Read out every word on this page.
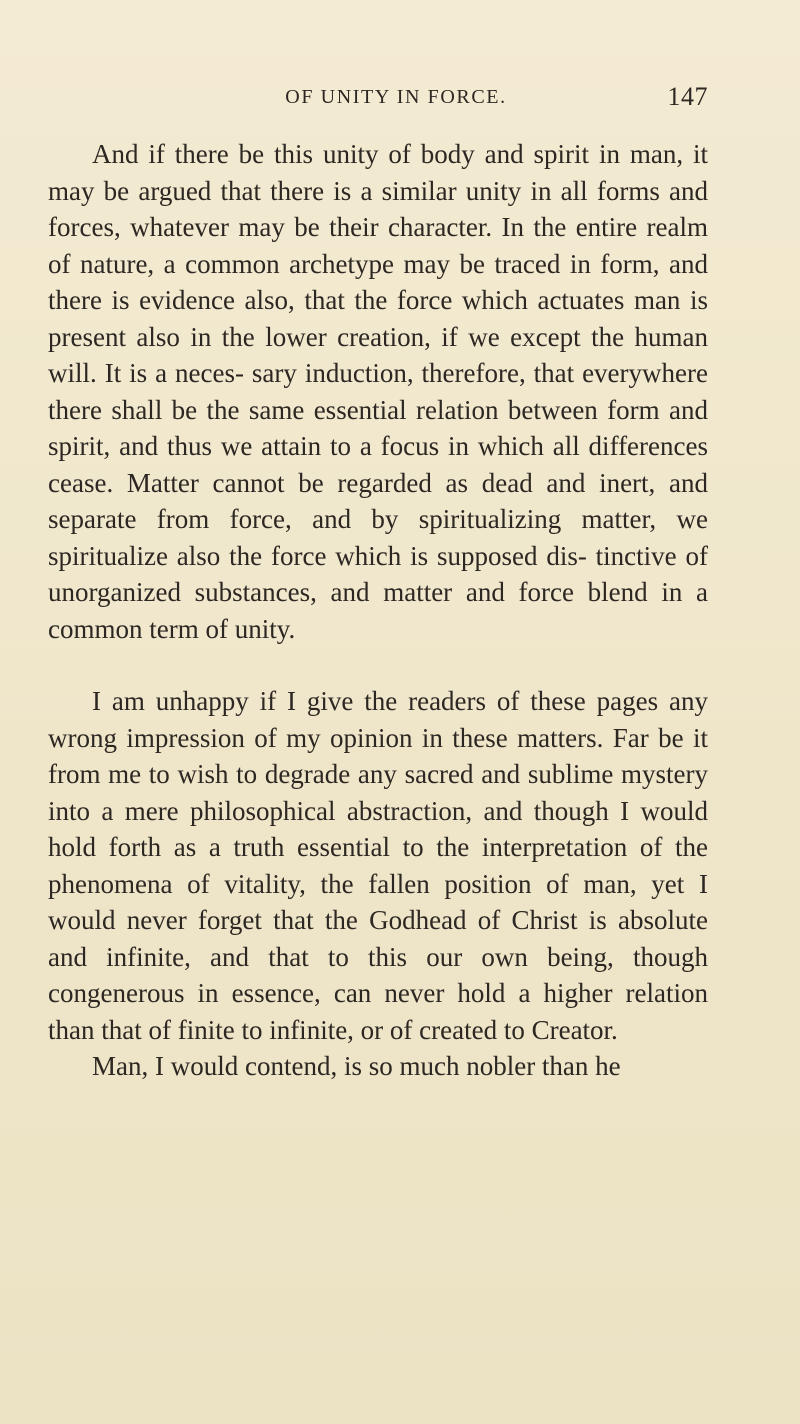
OF UNITY IN FORCE.	147

And if there be this unity of body and spirit in man, it may be argued that there is a similar unity in all forms and forces, whatever may be their character. In the entire realm of nature, a common archetype may be traced in form, and there is evidence also, that the force which actuates man is present also in the lower creation, if we except the human will. It is a neces- sary induction, therefore, that everywhere there shall be the same essential relation between form and spirit, and thus we attain to a focus in which all differences cease. Matter cannot be regarded as dead and inert, and separate from force, and by spiritualizing matter, we spiritualize also the force which is supposed dis- tinctive of unorganized substances, and matter and force blend in a common term of unity.

I am unhappy if I give the readers of these pages any wrong impression of my opinion in these matters. Far be it from me to wish to degrade any sacred and sublime mystery into a mere philosophical abstraction, and though I would hold forth as a truth essential to the interpretation of the phenomena of vitality, the fallen position of man, yet I would never forget that the Godhead of Christ is absolute and infinite, and that to this our own being, though congenerous in essence, can never hold a higher relation than that of finite to infinite, or of created to Creator.

Man, I would contend, is so much nobler than he
